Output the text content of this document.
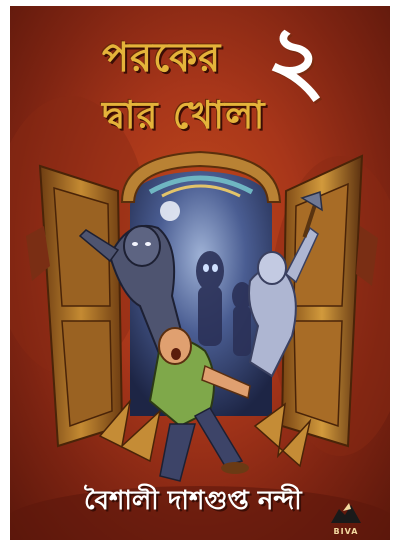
পরকের
দ্বার খোলা
২
বৈশালী দাশগুপ্ত নন্দী
BIVA
